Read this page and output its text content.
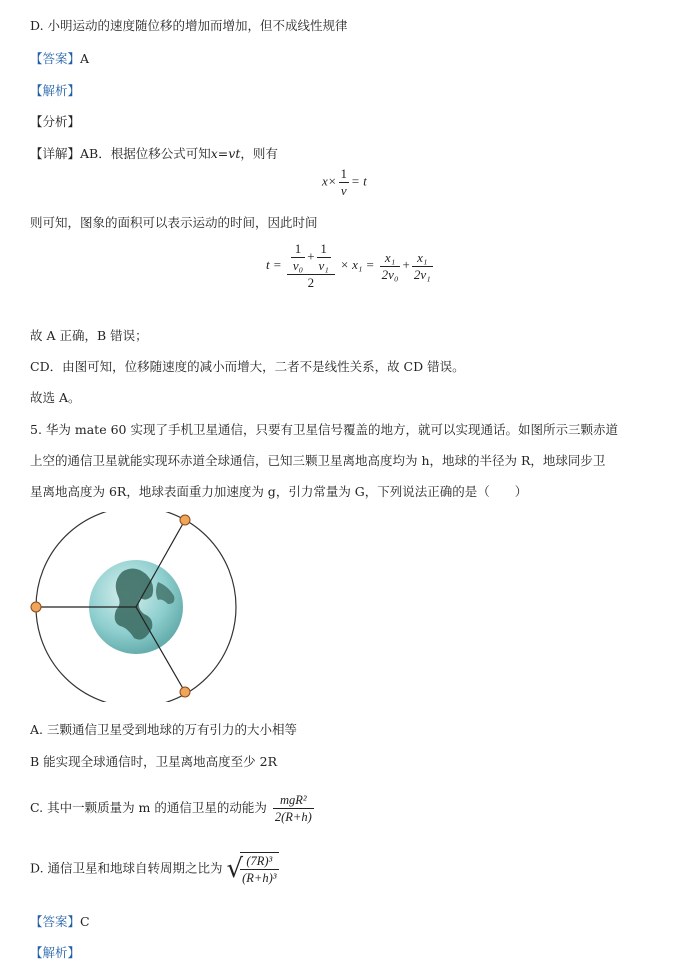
D. 小明运动的速度随位移的增加而增加，但不成线性规律
【答案】A
【解析】
【分析】
【详解】AB．根据位移公式可知x=vt，则有
$x\times \frac{1}{v} = t$
则可知，图象的面积可以表示运动的时间，因此时间
$t = \frac{\frac{1}{\text{v₀}} + \frac{1}{\text{v₁}}}{2} \times x_1 = \frac{\text{x₁}}{\text{2v₀}} + \frac{\text{x₁}}{\text{2v₁}}$
故 A 正确，B 错误；
CD．由图可知，位移随速度的减小而增大，二者不是线性关系，故 CD 错误。
故选 A。
5. 华为 mate 60 实现了手机卫星通信，只要有卫星信号覆盖的地方，就可以实现通话。如图所示三颗赤道
上空的通信卫星就能实现环赤道全球通信，已知三颗卫星离地高度均为 h，地球的半径为 R，地球同步卫
星离地高度为 6R，地球表面重力加速度为 g，引力常量为 G，下列说法正确的是（　　）
A. 三颗通信卫星受到地球的万有引力的大小相等
B 能实现全球通信时，卫星离地高度至少 2R
C. 其中一颗质量为 m 的通信卫星的动能为 $\frac{\text{mgR²}}{2(R+h)}$
D. 通信卫星和地球自转周期之比为 √
$\frac{\text{(7R)³}}{\text{(R+h)³}}$
【答案】C
【解析】
